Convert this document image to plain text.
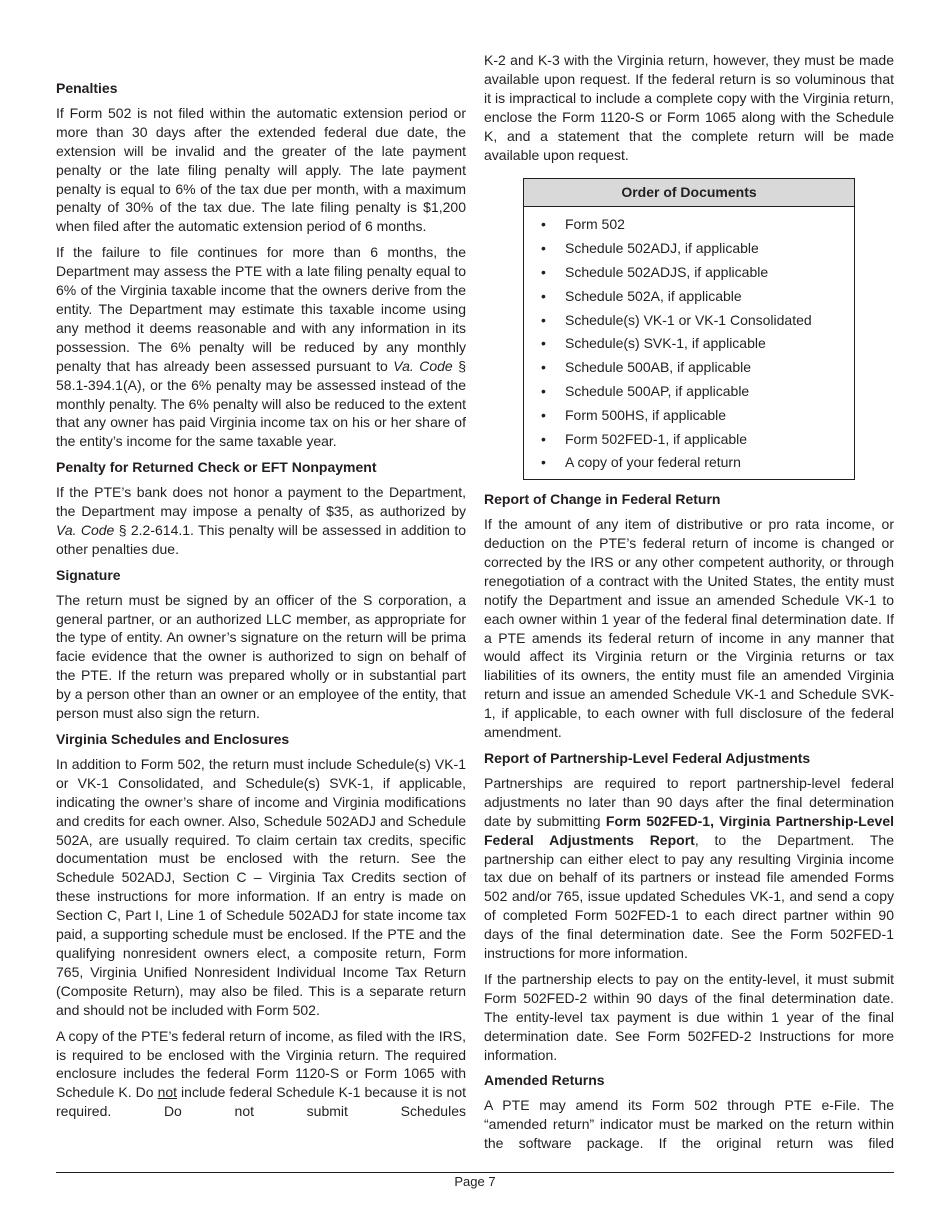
Penalties

If Form 502 is not filed within the automatic extension period or more than 30 days after the extended federal due date, the extension will be invalid and the greater of the late payment penalty or the late filing penalty will apply. The late payment penalty is equal to 6% of the tax due per month, with a maximum penalty of 30% of the tax due. The late filing penalty is $1,200 when filed after the automatic extension period of 6 months.

If the failure to file continues for more than 6 months, the Department may assess the PTE with a late filing penalty equal to 6% of the Virginia taxable income that the owners derive from the entity. The Department may estimate this taxable income using any method it deems reasonable and with any information in its possession. The 6% penalty will be reduced by any monthly penalty that has already been assessed pursuant to Va. Code § 58.1-394.1(A), or the 6% penalty may be assessed instead of the monthly penalty. The 6% penalty will also be reduced to the extent that any owner has paid Virginia income tax on his or her share of the entity’s income for the same taxable year.

Penalty for Returned Check or EFT Nonpayment

If the PTE’s bank does not honor a payment to the Department, the Department may impose a penalty of $35, as authorized by Va. Code § 2.2-614.1. This penalty will be assessed in addition to other penalties due.

Signature

The return must be signed by an officer of the S corporation, a general partner, or an authorized LLC member, as appropriate for the type of entity. An owner’s signature on the return will be prima facie evidence that the owner is authorized to sign on behalf of the PTE. If the return was prepared wholly or in substantial part by a person other than an owner or an employee of the entity, that person must also sign the return.

Virginia Schedules and Enclosures

In addition to Form 502, the return must include Schedule(s) VK-1 or VK-1 Consolidated, and Schedule(s) SVK-1, if applicable, indicating the owner’s share of income and Virginia modifications and credits for each owner. Also, Schedule 502ADJ and Schedule 502A, are usually required. To claim certain tax credits, specific documentation must be enclosed with the return. See the Schedule 502ADJ, Section C – Virginia Tax Credits section of these instructions for more information. If an entry is made on Section C, Part I, Line 1 of Schedule 502ADJ for state income tax paid, a supporting schedule must be enclosed. If the PTE and the qualifying nonresident owners elect, a composite return, Form 765, Virginia Unified Nonresident Individual Income Tax Return (Composite Return), may also be filed. This is a separate return and should not be included with Form 502.

A copy of the PTE’s federal return of income, as filed with the IRS, is required to be enclosed with the Virginia return. The required enclosure includes the federal Form 1120-S or Form 1065 with Schedule K. Do not include federal Schedule K-1 because it is not required. Do not submit Schedules

K-2 and K-3 with the Virginia return, however, they must be made available upon request. If the federal return is so voluminous that it is impractical to include a complete copy with the Virginia return, enclose the Form 1120-S or Form 1065 along with the Schedule K, and a statement that the complete return will be made available upon request.

Order of Documents
• Form 502
• Schedule 502ADJ, if applicable
• Schedule 502ADJS, if applicable
• Schedule 502A, if applicable
• Schedule(s) VK-1 or VK-1 Consolidated
• Schedule(s) SVK-1, if applicable
• Schedule 500AB, if applicable
• Schedule 500AP, if applicable
• Form 500HS, if applicable
• Form 502FED-1, if applicable
• A copy of your federal return
Report of Change in Federal Return

If the amount of any item of distributive or pro rata income, or deduction on the PTE’s federal return of income is changed or corrected by the IRS or any other competent authority, or through renegotiation of a contract with the United States, the entity must notify the Department and issue an amended Schedule VK-1 to each owner within 1 year of the federal final determination date. If a PTE amends its federal return of income in any manner that would affect its Virginia return or the Virginia returns or tax liabilities of its owners, the entity must file an amended Virginia return and issue an amended Schedule VK-1 and Schedule SVK-1, if applicable, to each owner with full disclosure of the federal amendment.

Report of Partnership-Level Federal Adjustments

Partnerships are required to report partnership-level federal adjustments no later than 90 days after the final determination date by submitting Form 502FED-1, Virginia Partnership-Level Federal Adjustments Report, to the Department. The partnership can either elect to pay any resulting Virginia income tax due on behalf of its partners or instead file amended Forms 502 and/or 765, issue updated Schedules VK-1, and send a copy of completed Form 502FED-1 to each direct partner within 90 days of the final determination date. See the Form 502FED-1 instructions for more information.

If the partnership elects to pay on the entity-level, it must submit Form 502FED-2 within 90 days of the final determination date. The entity-level tax payment is due within 1 year of the final determination date. See Form 502FED-2 Instructions for more information.

Amended Returns

A PTE may amend its Form 502 through PTE e-File. The “amended return” indicator must be marked on the return within the software package. If the original return was filed

Page 7
